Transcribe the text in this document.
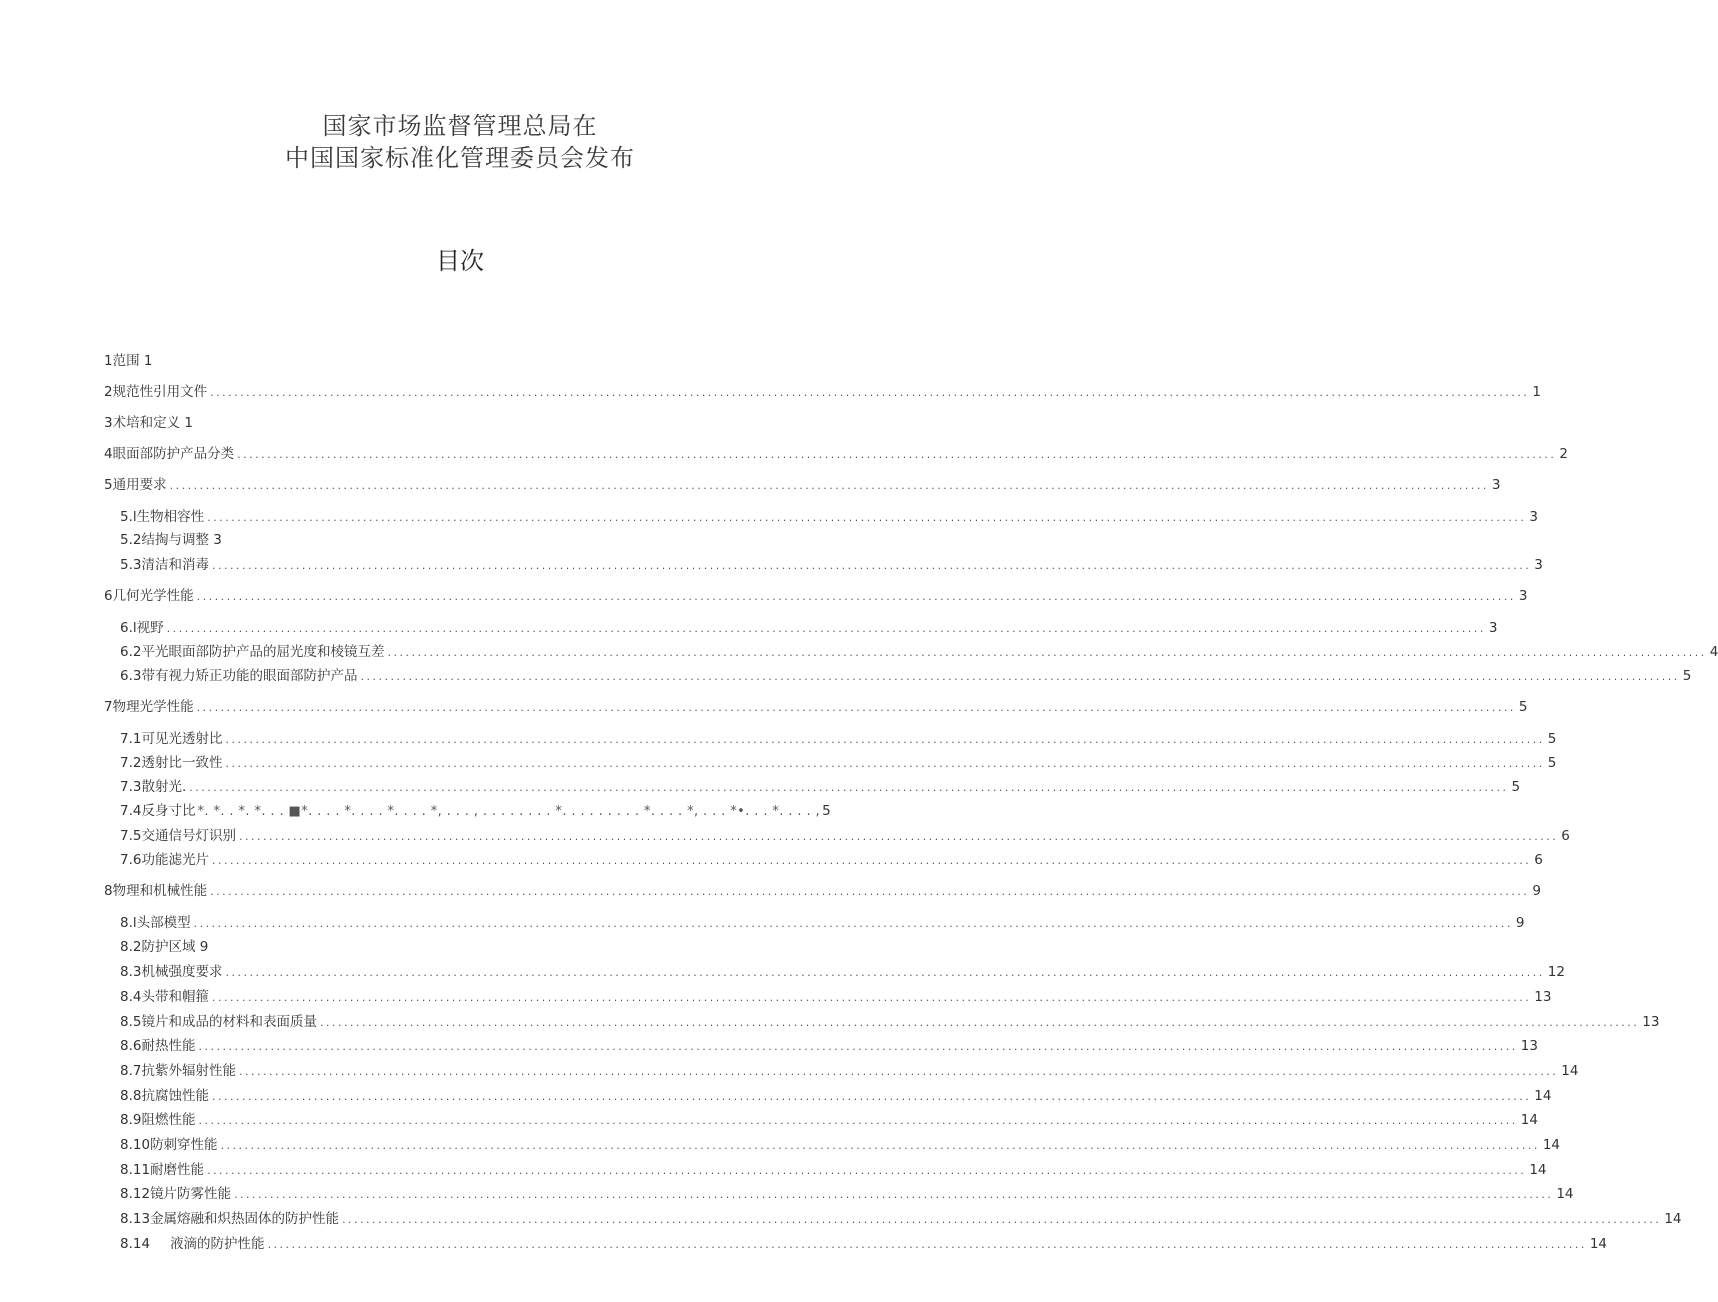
国家市场监督管理总局在
中国国家标准化管理委员会发布
目次
1 范围 1
2 规范性引用文件 ............................................................................................................................................................................................................................ 1
3 术培和定义 1
4 眼面部防护产品分类 ............................................................................................................................................................................................................................ 2
5 通用要求 ............................................................................................................................................................................................................................ 3
5.l 生物相容性 ............................................................................................................................................................................................................................ 3
5.2 结掏与调整 3
5.3 清洁和消毒 ............................................................................................................................................................................................................................ 3
6 几何光学性能 ............................................................................................................................................................................................................................ 3
6.l 视野 ............................................................................................................................................................................................................................ 3
6.2 平光眼面部防护产品的屈光度和棱镜互差 ............................................................................................................................................................................................................................ 4
6.3 带有视力矫正功能的眼面部防护产品 ............................................................................................................................................................................................................................ 5
7 物理光学性能 ............................................................................................................................................................................................................................ 5
7.1 可见光透射比 ............................................................................................................................................................................................................................ 5
7.2 透射比一致性 ............................................................................................................................................................................................................................ 5
7.3 散射光. ............................................................................................................................................................................................................................ 5
7.4 反身寸比 *. *. . *. *. . . ■*. . . . *. . . . *. . . . *, . . . , . . . . . . . . *. . . . . . . . . *. . . . *, . . . *•. . . *. . . . , 5
7.5 交通信号灯识别 ............................................................................................................................................................................................................................ 6
7.6 功能滤光片 ............................................................................................................................................................................................................................ 6
8 物理和机械性能 ............................................................................................................................................................................................................................ 9
8.l 头部模型 ............................................................................................................................................................................................................................ 9
8.2 防护区域 9
8.3 机械强度要求 ............................................................................................................................................................................................................................ 12
8.4 头带和帽箍 ............................................................................................................................................................................................................................ 13
8.5 镜片和成品的材料和表面质量 ............................................................................................................................................................................................................................ 13
8.6 耐热性能 ............................................................................................................................................................................................................................ 13
8.7 抗紫外辐射性能 ............................................................................................................................................................................................................................ 14
8.8 抗腐蚀性能 ............................................................................................................................................................................................................................ 14
8.9 阻燃性能 ............................................................................................................................................................................................................................ 14
8.10 防刺穿性能 ............................................................................................................................................................................................................................ 14
8.11 耐磨性能 ............................................................................................................................................................................................................................ 14
8.12 镜片防雾性能 ............................................................................................................................................................................................................................ 14
8.13 金属熔融和炽热固体的防护性能 ............................................................................................................................................................................................................................ 14
8.14 液滴的防护性能 ............................................................................................................................................................................................................................ 14
